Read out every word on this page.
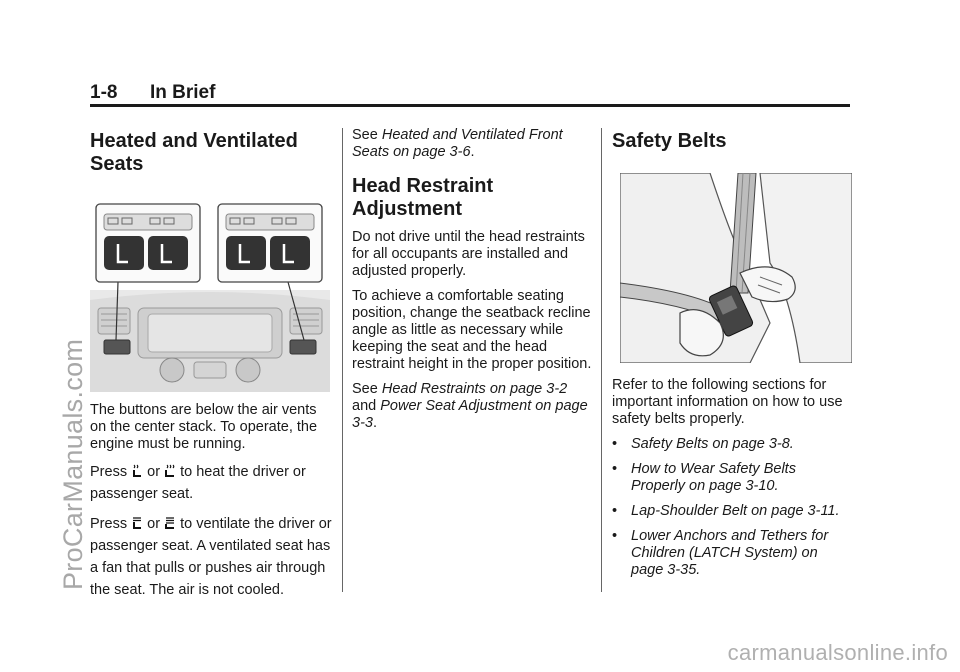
1-8 In Brief
Heated and Ventilated Seats

The buttons are below the air vents on the center stack. To operate, the engine must be running.

Press  or  to heat the driver or passenger seat.

Press  or  to ventilate the driver or passenger seat. A ventilated seat has a fan that pulls or pushes air through the seat. The air is not cooled.

See Heated and Ventilated Front Seats on page 3-6.

Head Restraint Adjustment

Do not drive until the head restraints for all occupants are installed and adjusted properly.

To achieve a comfortable seating position, change the seatback recline angle as little as necessary while keeping the seat and the head restraint height in the proper position.

See Head Restraints on page 3-2 and Power Seat Adjustment on page 3-3.

Safety Belts

Refer to the following sections for important information on how to use safety belts properly.

• Safety Belts on page 3-8.
• How to Wear Safety Belts Properly on page 3-10.
• Lap-Shoulder Belt on page 3-11.
• Lower Anchors and Tethers for Children (LATCH System) on page 3-35.
ProCarManuals.com
carmanualsonline.info
